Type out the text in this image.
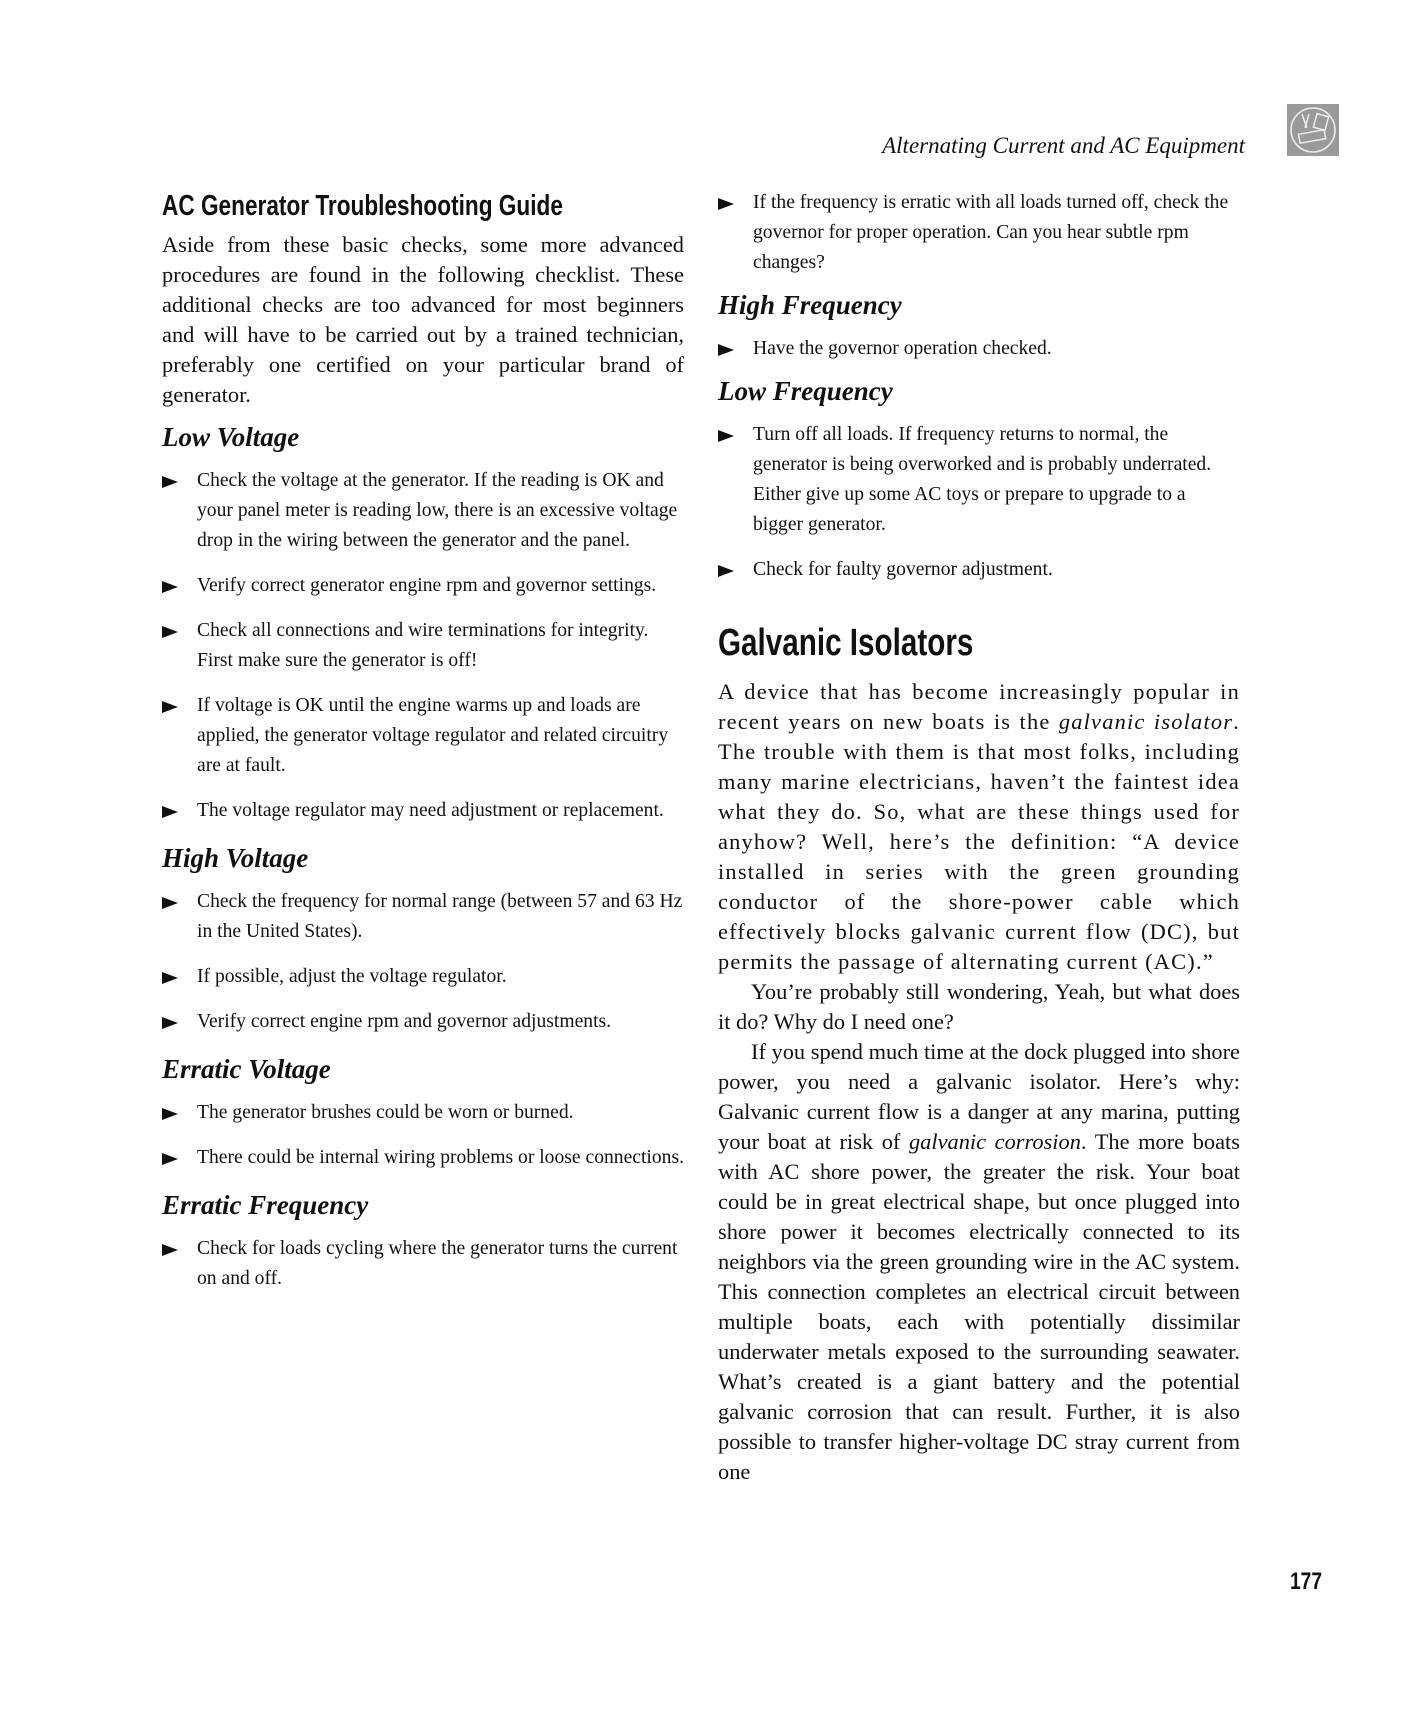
Alternating Current and AC Equipment
AC Generator Troubleshooting Guide

Aside from these basic checks, some more advanced procedures are found in the following checklist. These additional checks are too advanced for most beginners and will have to be carried out by a trained technician, preferably one certified on your particular brand of generator.

Low Voltage
Check the voltage at the generator. If the reading is OK and your panel meter is reading low, there is an excessive voltage drop in the wiring between the generator and the panel.
Verify correct generator engine rpm and governor settings.
Check all connections and wire terminations for integrity. First make sure the generator is off!
If voltage is OK until the engine warms up and loads are applied, the generator voltage regulator and related circuitry are at fault.
The voltage regulator may need adjustment or replacement.
High Voltage
Check the frequency for normal range (between 57 and 63 Hz in the United States).
If possible, adjust the voltage regulator.
Verify correct engine rpm and governor adjustments.
Erratic Voltage
The generator brushes could be worn or burned.
There could be internal wiring problems or loose connections.
Erratic Frequency
Check for loads cycling where the generator turns the current on and off.
If the frequency is erratic with all loads turned off, check the governor for proper operation. Can you hear subtle rpm changes?
High Frequency
Have the governor operation checked.
Low Frequency
Turn off all loads. If frequency returns to normal, the generator is being overworked and is probably underrated. Either give up some AC toys or prepare to upgrade to a bigger generator.
Check for faulty governor adjustment.
Galvanic Isolators

A device that has become increasingly popular in recent years on new boats is the galvanic isolator. The trouble with them is that most folks, including many marine electricians, haven’t the faintest idea what they do. So, what are these things used for anyhow? Well, here’s the definition: “A device installed in series with the green grounding conductor of the shore-power cable which effectively blocks galvanic current flow (DC), but permits the passage of alternating current (AC).”

You’re probably still wondering, Yeah, but what does it do? Why do I need one?

If you spend much time at the dock plugged into shore power, you need a galvanic isolator. Here’s why: Galvanic current flow is a danger at any marina, putting your boat at risk of galvanic corrosion. The more boats with AC shore power, the greater the risk. Your boat could be in great electrical shape, but once plugged into shore power it becomes electrically connected to its neighbors via the green grounding wire in the AC system. This connection completes an electrical circuit between multiple boats, each with potentially dissimilar underwater metals exposed to the surrounding seawater. What’s created is a giant battery and the potential galvanic corrosion that can result. Further, it is also possible to transfer higher-voltage DC stray current from one

177
